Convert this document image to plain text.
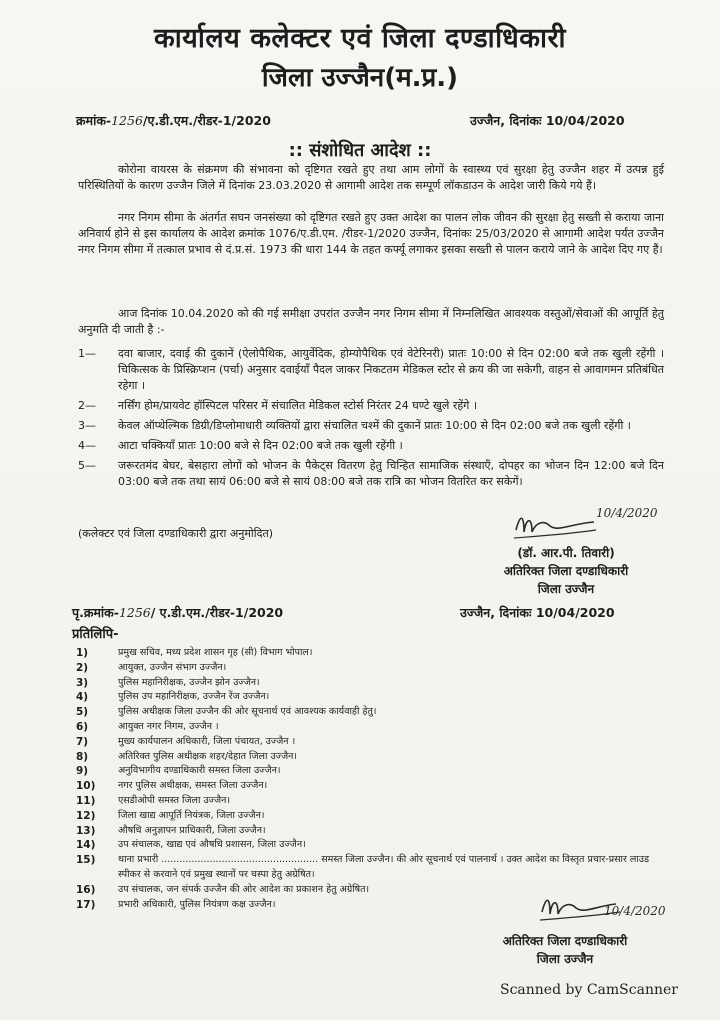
कार्यालय कलेक्टर एवं जिला दण्डाधिकारी
जिला उज्जैन(म.प्र.)
क्रमांक-1256/ए.डी.एम./रीडर-1/2020	उज्जैन, दिनांकः 10/04/2020
:: संशोधित आदेश ::
कोरोना वायरस के संक्रमण की संभावना को दृष्टिगत रखते हुए तथा आम लोगों के स्वास्थ्य एवं सुरक्षा हेतु उज्जैन शहर में उत्पन्न हुई परिस्थितियों के कारण उज्जैन जिले में दिनांक 23.03.2020 से आगामी आदेश तक सम्पूर्ण लॉकडाउन के आदेश जारी किये गये हैं।
नगर निगम सीमा के अंतर्गत सघन जनसंख्या को दृष्टिगत रखते हुए उक्त आदेश का पालन लोक जीवन की सुरक्षा हेतु सख्ती से कराया जाना अनिवार्य होने से इस कार्यालय के आदेश क्रमांक 1076/ए.डी.एम. /रीडर-1/2020 उज्जैन, दिनांकः 25/03/2020 से आगामी आदेश पर्यंत उज्जैन नगर निगम सीमा में तत्काल प्रभाव से दं.प्र.सं. 1973 की धारा 144 के तहत कर्फ्यू लगाकर इसका सख्ती से पालन कराये जाने के आदेश दिए गए हैं।
आज दिनांक 10.04.2020 को की गई समीक्षा उपरांत उज्जैन नगर निगम सीमा में निम्नलिखित आवश्यक वस्तुओं/सेवाओं की आपूर्ति हेतु अनुमति दी जाती है :-
1—	दवा बाजार, दवाई की दुकानें (ऐलोपैथिक, आयुर्वेदिक, होम्योपैथिक एवं वेटेरिनरी) प्रातः 10:00 से दिन 02:00 बजे तक खुली रहेंगी । चिकित्सक के प्रिस्क्रिप्शन (पर्चा) अनुसार दवाईयाँ पैदल जाकर निकटतम मेडिकल स्टोर से क्रय की जा सकेगी, वाहन से आवागमन प्रतिबंधित रहेगा ।
2—	नर्सिंग होम/प्रायवेट हॉस्पिटल परिसर में संचालित मेडिकल स्टोर्स निरंतर 24 घण्टे खुले रहेंगे ।
3—	केवल ऑप्थेल्मिक डिग्री/डिप्लोमाधारी व्यक्तियों द्वारा संचालित चश्में की दुकानें प्रातः 10:00 से दिन 02:00 बजे तक खुली रहेंगी ।
4—	आटा चक्कियाँ प्रातः 10:00 बजे से दिन 02:00 बजे तक खुली रहेंगी ।
5—	जरूरतमंद बेघर, बेसहारा लोगों को भोजन के पैकेट्स वितरण हेतु चिन्हित सामाजिक संस्थाएँ, दोपहर का भोजन दिन 12:00 बजे दिन 03:00 बजे तक तथा सायं 06:00 बजे से सायं 08:00 बजे तक रात्रि का भोजन वितरित कर सकेगें।
(कलेक्टर एवं जिला दण्डाधिकारी द्वारा अनुमोदित)
10/4/2020
(डॉ. आर.पी. तिवारी)
अतिरिक्त जिला दण्डाधिकारी
जिला उज्जैन
पृ.क्रमांक-1256/ ए.डी.एम./रीडर-1/2020	उज्जैन, दिनांकः 10/04/2020
प्रतिलिपि-
1)	प्रमुख सचिव, मध्य प्रदेश शासन गृह (सी) विभाग भोपाल।
2)	आयुक्त, उज्जैन संभाग उज्जैन।
3)	पुलिस महानिरीक्षक, उज्जैन झोन उज्जैन।
4)	पुलिस उप महानिरीक्षक, उज्जैन रेंज उज्जैन।
5)	पुलिस अधीक्षक जिला उज्जैन की ओर सूचनार्थ एवं आवश्यक कार्यवाही हेतु।
6)	आयुक्त नगर निगम, उज्जैन ।
7)	मुख्य कार्यपालन अधिकारी, जिला पंचायत, उज्जैन ।
8)	अतिरिक्त पुलिस अधीक्षक शहर/देहात जिला उज्जैन।
9)	अनुविभागीय दण्डाधिकारी समस्त जिला उज्जैन।
10)	नगर पुलिस अधीक्षक, समस्त जिला उज्जैन।
11)	एसडीओपी समस्त जिला उज्जैन।
12)	जिला खाद्य आपूर्ति नियंत्रक, जिला उज्जैन।
13)	औषधि अनुज्ञापन प्राधिकारी, जिला उज्जैन।
14)	उप संचालक, खाद्य एवं औषधि प्रशासन, जिला उज्जैन।
15)	थाना प्रभारी .................................................... समस्त जिला उज्जैन। की ओर सूचनार्थ एवं पालनार्थ । उक्त आदेश का विस्तृत प्रचार-प्रसार लाउड स्पीकर से करवाने एवं प्रमुख स्थानों पर चस्पा हेतु अग्रेषित।
16)	उप संचालक, जन संपर्क उज्जैन की ओर आदेश का प्रकाशन हेतु अग्रेषित।
17)	प्रभारी अधिकारी, पुलिस नियंत्रण कक्ष उज्जैन।	10/4/2020
अतिरिक्त जिला दण्डाधिकारी
जिला उज्जैन
Scanned by CamScanner
